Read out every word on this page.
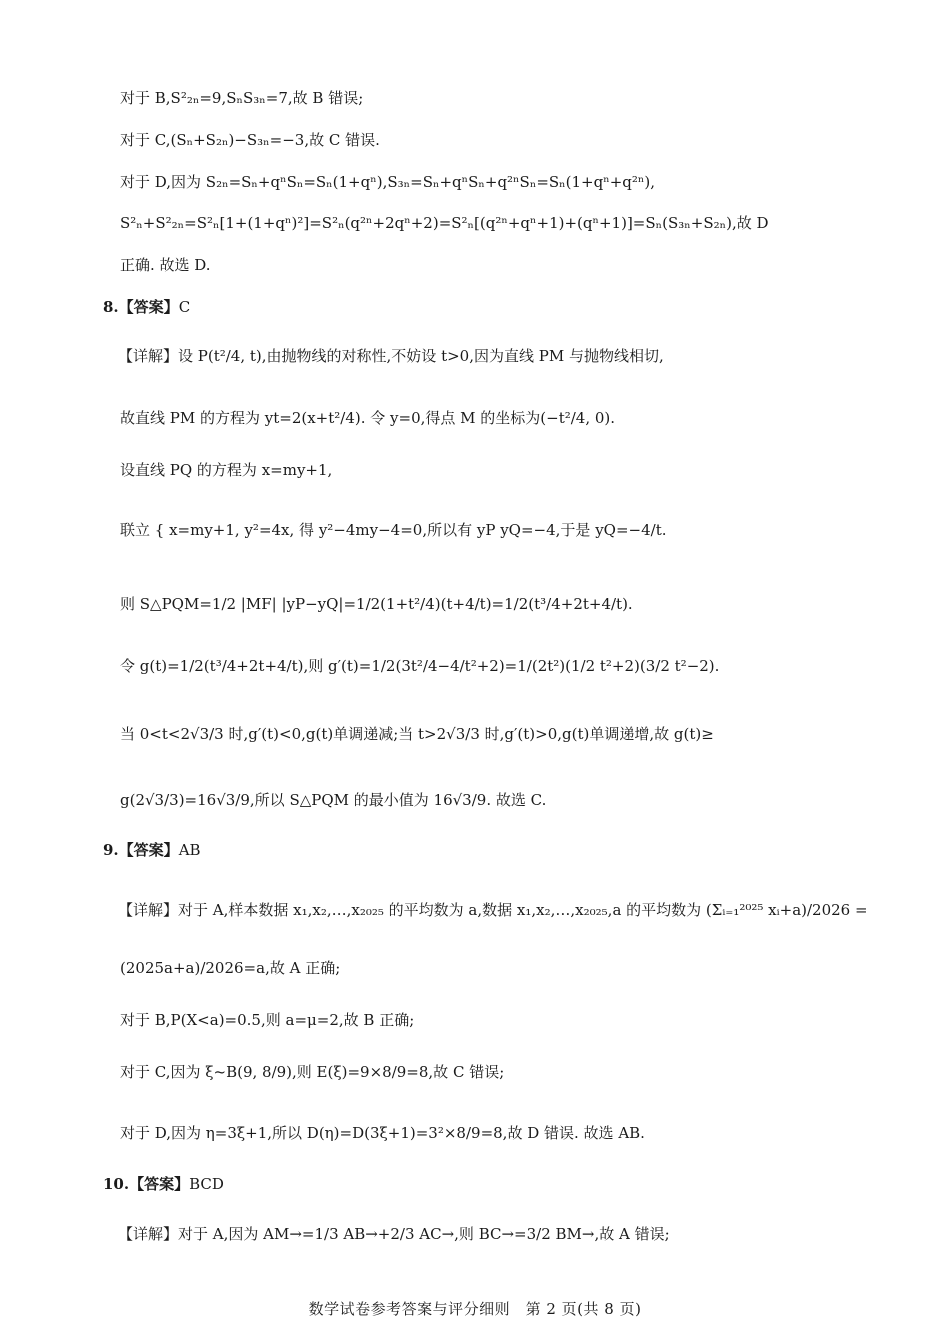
对于 B,S²₂ₙ=9,SₙS₃ₙ=7,故 B 错误;
对于 C,(Sₙ+S₂ₙ)−S₃ₙ=−3,故 C 错误.
对于 D,因为 S₂ₙ=Sₙ+qⁿSₙ=Sₙ(1+qⁿ),S₃ₙ=Sₙ+qⁿSₙ+q²ⁿSₙ=Sₙ(1+qⁿ+q²ⁿ),
S²ₙ+S²₂ₙ=S²ₙ[1+(1+qⁿ)²]=S²ₙ(q²ⁿ+2qⁿ+2)=S²ₙ[(q²ⁿ+qⁿ+1)+(qⁿ+1)]=Sₙ(S₃ₙ+S₂ₙ),故 D
正确. 故选 D.
8.【答案】C
【详解】设 P(t²/4, t),由抛物线的对称性,不妨设 t>0,因为直线 PM 与抛物线相切,
故直线 PM 的方程为 yt=2(x+t²/4). 令 y=0,得点 M 的坐标为(−t²/4, 0).
设直线 PQ 的方程为 x=my+1,
联立 { x=my+1, y²=4x, 得 y²−4my−4=0,所以有 yP yQ=−4,于是 yQ=−4/t.
则 S△PQM=1/2 |MF| |yP−yQ|=1/2(1+t²/4)(t+4/t)=1/2(t³/4+2t+4/t).
令 g(t)=1/2(t³/4+2t+4/t),则 g′(t)=1/2(3t²/4−4/t²+2)=1/(2t²)(1/2 t²+2)(3/2 t²−2).
当 0<t<2√3/3 时,g′(t)<0,g(t)单调递减;当 t>2√3/3 时,g′(t)>0,g(t)单调递增,故 g(t)≥
g(2√3/3)=16√3/9,所以 S△PQM 的最小值为 16√3/9. 故选 C.
9.【答案】AB
【详解】对于 A,样本数据 x₁,x₂,…,x₂₀₂₅ 的平均数为 a,数据 x₁,x₂,…,x₂₀₂₅,a 的平均数为 (Σᵢ₌₁²⁰²⁵ xᵢ+a)/2026 =
(2025a+a)/2026=a,故 A 正确;
对于 B,P(X<a)=0.5,则 a=μ=2,故 B 正确;
对于 C,因为 ξ~B(9, 8/9),则 E(ξ)=9×8/9=8,故 C 错误;
对于 D,因为 η=3ξ+1,所以 D(η)=D(3ξ+1)=3²×8/9=8,故 D 错误. 故选 AB.
10.【答案】BCD
【详解】对于 A,因为 AM→=1/3 AB→+2/3 AC→,则 BC→=3/2 BM→,故 A 错误;
数学试卷参考答案与评分细则　第 2 页(共 8 页)
